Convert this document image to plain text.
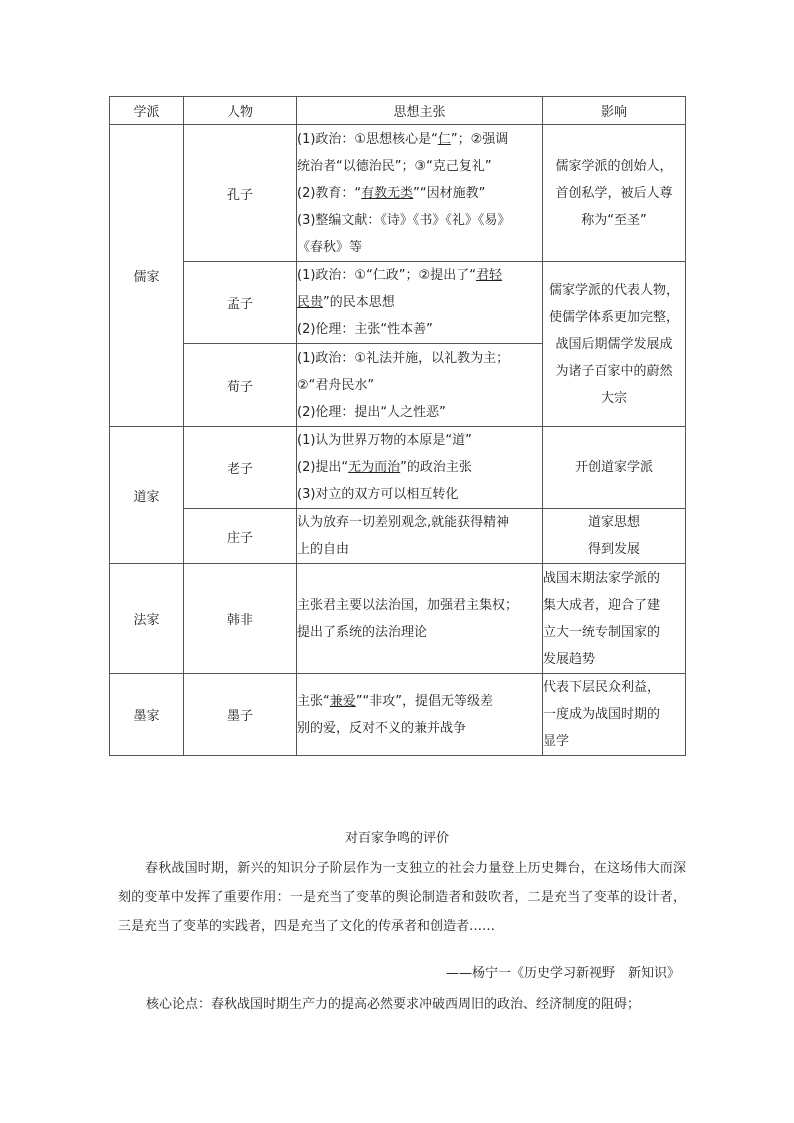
学派	人物	思想主张	影响
儒家	孔子	(1)政治：①思想核心是“仁”；②强调
统治者“以德治民”；③“克己复礼”
(2)教育：“有教无类”“因材施教”
(3)整编文献：《诗》《书》《礼》《易》
《春秋》等	儒家学派的创始人，
首创私学，被后人尊
称为“至圣”

	孟子	(1)政治：①“仁政”；②提出了“君轻
民贵”的民本思想
(2)伦理：主张“性本善”	儒家学派的代表人物，
使儒学体系更加完整，
战国后期儒学发展成
为诸子百家中的蔚然
大宗

	荀子	(1)政治：①礼法并施，以礼教为主；
②“君舟民水”
(2)伦理：提出“人之性恶”	

道家	老子	(1)认为世界万物的本原是“道”
(2)提出“无为而治”的政治主张
(3)对立的双方可以相互转化	开创道家学派
	庄子	认为放弃一切差别观念,就能获得精神
上的自由	道家思想
得到发展

法家	韩非	主张君主要以法治国，加强君主集权；
提出了系统的法治理论	战国末期法家学派的
集大成者，迎合了建
立大一统专制国家的
发展趋势

墨家	墨子	主张“兼爱”“非攻”，提倡无等级差
别的爱，反对不义的兼并战争	代表下层民众利益，
一度成为战国时期的
显学
对百家争鸣的评价

春秋战国时期，新兴的知识分子阶层作为一支独立的社会力量登上历史舞台，在这场伟大而深刻的变革中发挥了重要作用：一是充当了变革的舆论制造者和鼓吹者，二是充当了变革的设计者，三是充当了变革的实践者，四是充当了文化的传承者和创造者……

——杨宁一《历史学习新视野　新知识》
核心论点：春秋战国时期生产力的提高必然要求冲破西周旧的政治、经济制度的阻碍；
